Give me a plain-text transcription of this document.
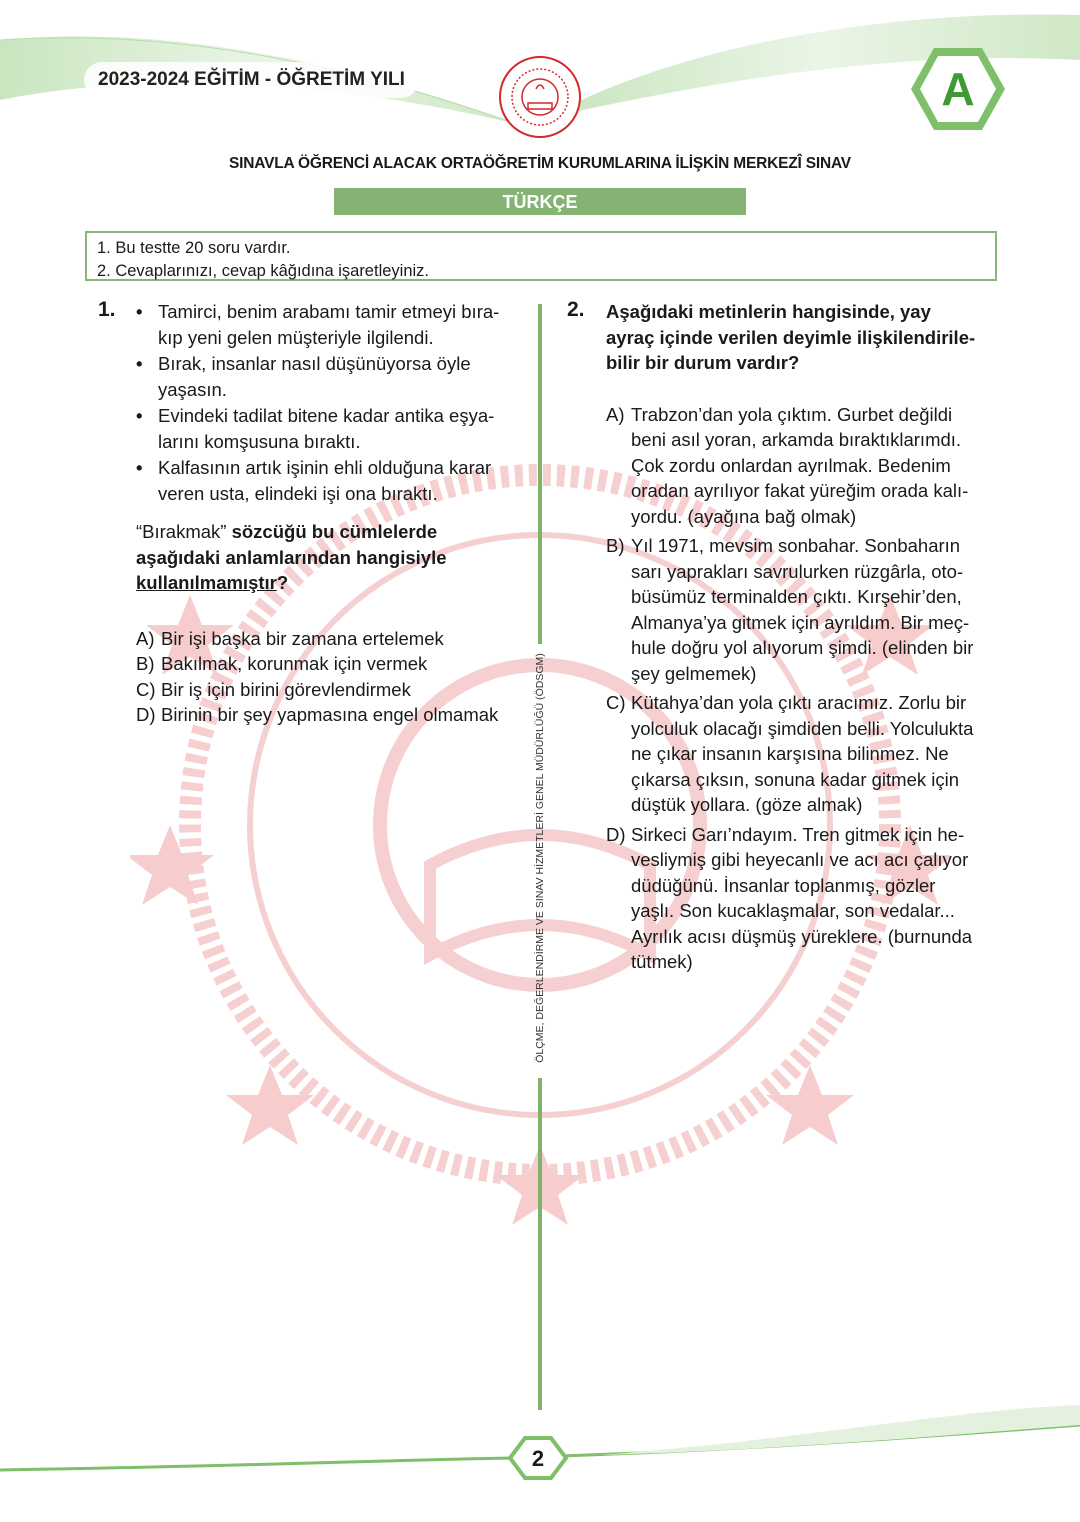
2023-2024 EĞİTİM - ÖĞRETİM YILI	A
SINAVLA ÖĞRENCİ ALACAK ORTAÖĞRETİM KURUMLARINA İLİŞKİN MERKEZÎ SINAV
TÜRKÇE
1. Bu testte 20 soru vardır.
2. Cevaplarınızı, cevap kâğıdına işaretleyiniz.
1. • Tamirci, benim arabamı tamir etmeyi bıra-
kıp yeni gelen müşteriyle ilgilendi.
• Bırak, insanlar nasıl düşünüyorsa öyle
yaşasın.
• Evindeki tadilat bitene kadar antika eşya-
larını komşusuna bıraktı.
• Kalfasının artık işinin ehli olduğuna karar
veren usta, elindeki işi ona bıraktı.
“Bırakmak” sözcüğü bu cümlelerde
aşağıdaki anlamlarından hangisiyle
kullanılmamıştır?
A) Bir işi başka bir zamana ertelemek
B) Bakılmak, korunmak için vermek
C) Bir iş için birini görevlendirmek
D) Birinin bir şey yapmasına engel olmamak	ÖLÇME, DEĞERLENDİRME VE SINAV HİZMETLERİ GENEL MÜDÜRLÜĞÜ (ÖDSGM)
2. Aşağıdaki metinlerin hangisinde, yay
ayraç içinde verilen deyimle ilişkilendirile-
bilir bir durum vardır?
A) Trabzon’dan yola çıktım. Gurbet değildi
beni asıl yoran, arkamda bıraktıklarımdı.
Çok zordu onlardan ayrılmak. Bedenim
oradan ayrılıyor fakat yüreğim orada kalı-
yordu. (ayağına bağ olmak)
B) Yıl 1971, mevsim sonbahar. Sonbaharın
sarı yaprakları savrulurken rüzgârla, oto-
büsümüz terminalden çıktı. Kırşehir’den,
Almanya’ya gitmek için ayrıldım. Bir meç-
hule doğru yol alıyorum şimdi. (elinden bir
şey gelmemek)
C) Kütahya’dan yola çıktı aracımız. Zorlu bir
yolculuk olacağı şimdiden belli. Yolculukta
ne çıkar insanın karşısına bilinmez. Ne
çıkarsa çıksın, sonuna kadar gitmek için
düştük yollara. (göze almak)
D) Sirkeci Garı’ndayım. Tren gitmek için he-
vesliymiş gibi heyecanlı ve acı acı çalıyor
düdüğünü. İnsanlar toplanmış, gözler
yaşlı. Son kucaklaşmalar, son vedalar...
Ayrılık acısı düşmüş yüreklere. (burnunda
tütmek)
2
